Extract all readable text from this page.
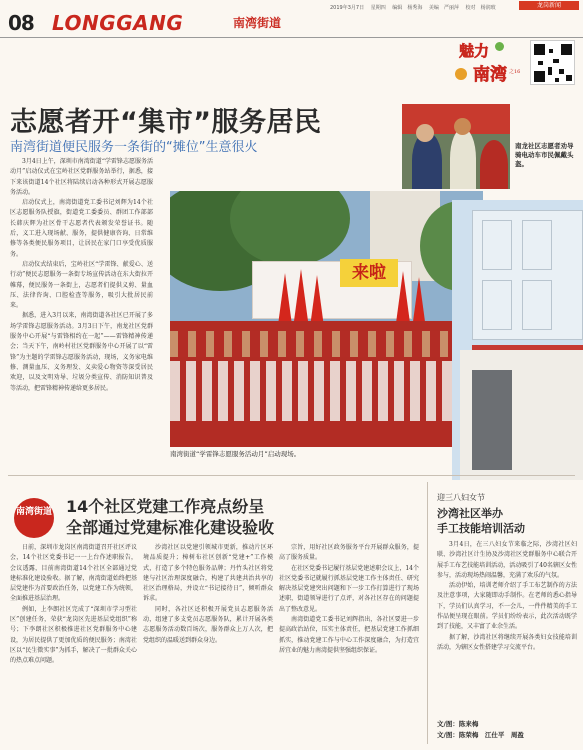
08 LONGGANG	南湾街道
2019年3月7日 星期四 编辑 杨秀海 美编 严丽萍 校对 杨润玻	龙岗新闻
魅力
南湾 之16
志愿者开“集市”服务居民
南湾街道便民服务一条街的“摊位”生意很火	南龙社区志愿者劝导骑电动车市民佩戴头盔。

3月4日上午，深圳市南湾街道“学雷锋志愿服务活动月”启动仪式在宝岭社区党群服务站举行，据悉，接下来该街道14个社区将陆续启动各种形式开展志愿服务活动。

启动仪式上，南湾街道党工委书记刘辉为14个社区志愿服务队授旗，街道党工委委员、群团工作部部长韩庆辉为社区骨干志愿者代表颁发荣誉证书。随后，义工进入现场献、服务，提供健康咨询、日常维修等各类便民服务项目，让居民在家门口享受优质服务。

启动仪式结束后，宝岭社区“学雷锋、献爱心、送行动”便民志愿服务一条街专场宣传活动在东大街拉开帷幕，便民服务一条街上，志愿者们提供义剪、量血压、法律咨询、口腔检查等服务，吸引大批居民前来。

据悉，进入3月以来，南湾街道各社区已开展了多场学雷锋志愿服务活动。3月3日下午，南龙社区党群服务中心开展“与雷锋相约在一起”——雷锋精神传递会；当天下午，南岭村社区党群服务中心开展了以“雷锋”为主题的学雷锋志愿服务活动，现场，义务家电维修、测量血压、义务理发、义卖爱心物资等深受居民欢迎，以及文明劝导、垃圾分类宣传、消防知识普及等活动，把雷锋精神传递给更多居民。

来啦
南湾街道“学雷锋志愿服务活动月”启动现场。
南湾街道 14个社区党建工作亮点纷呈
全部通过党建标准化建设验收

日前，深圳市龙岗区南湾街道召开社区评议会，14个社区党委书记一一上台作述职报告，会议透露，目前南湾街道14个社区全部通过党建标准化建设验收。据了解，南湾街道始终把基层党建作为首要政治任务，以党建工作为统领，全面推进基层治理。

例如，上李朗社区完成了“深圳市学习型社区”创建任务，荣获“龙岗区先进基层党组织”称号；下李朗社区积极推进社区党群服务中心建设，为居民提供了更加优质的便民服务；南湾社区以“民生微实事”为抓手，解决了一批群众关心的热点难点问题。

沙湾社区以党建引领城市更新，推动片区环境品质提升；樟树布社区创新“党建+”工作模式，打造了多个特色服务品牌；丹竹头社区将党建与社区治理深度融合，构建了共建共治共享的社区治理格局，并设立“书记接待日”，倾听群众诉求。

同时，各社区还积极开展党员志愿服务活动，组建了多支党员志愿服务队，累计开展各类志愿服务活动数百场次，服务群众上万人次，把党组织的温暖送到群众身边。

宗旨，用好社区政务服务平台开展群众服务，提高了服务质量。

在社区党委书记履行基层党建述职会议上，14个社区党委书记就履行抓基层党建工作主体责任、研究解决基层党建突出问题和下一步工作打算进行了现场述职，街道领导进行了点评，对各社区存在的问题提出了整改意见。

南湾街道党工委书记刘辉指出，各社区要进一步提高政治站位，压实主体责任，把基层党建工作抓细抓实，推动党建工作与中心工作深度融合，为打造宜居宜业的魅力南湾提供坚强组织保证。

迎三八妇女节
沙湾社区举办
手工技能培训活动

3月4日，在三八妇女节来临之际，沙湾社区妇联、沙湾社区计生协及沙湾社区党群服务中心联合开展手工布艺技能培训活动，活动吸引了40名辖区女性参与，活动现场热闹温馨，充满了欢乐的气氛。

活动伊始，培训老师介绍了手工布艺制作的方法及注意事项，大家随即动手制作。在老师的悉心指导下，学员们认真学习，不一会儿，一件件精美的手工作品便呈现在眼前。学员们纷纷表示，此次活动既学到了技能，又丰富了业余生活。

据了解，沙湾社区将继续开展各类妇女技能培训活动，为辖区女性搭建学习交流平台。

文/图：陈来梅
文/图：陈荣梅　江仕平　周盈
